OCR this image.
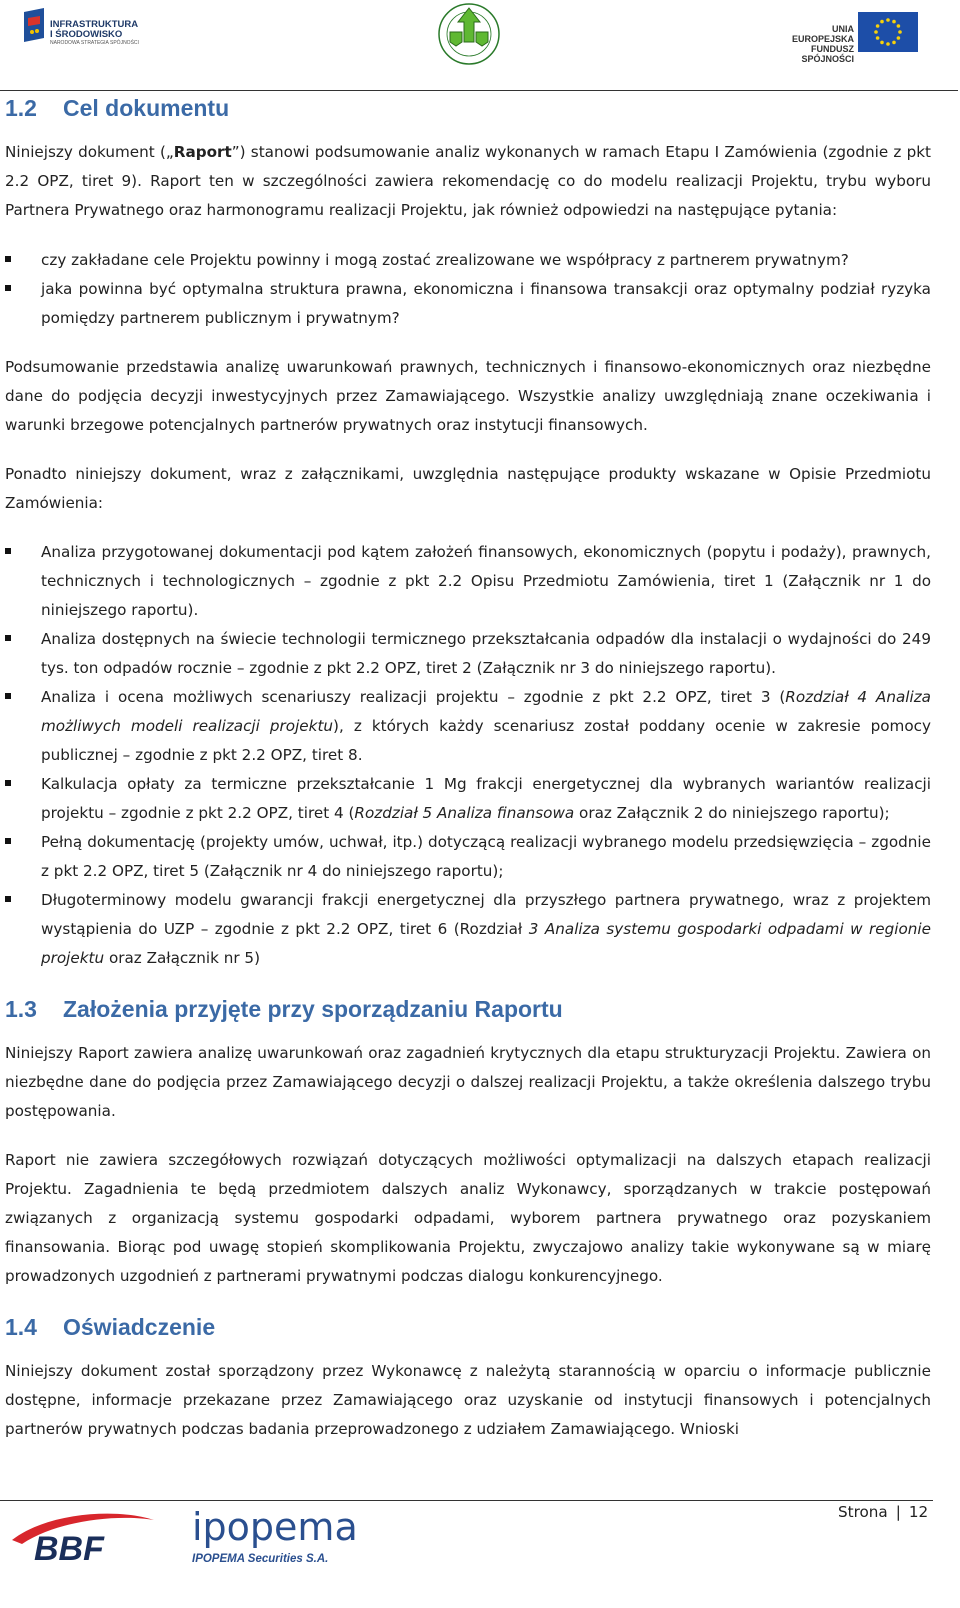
INFRASTRUKTURA
I ŚRODOWISKO
NARODOWA STRATEGIA SPÓJNOŚCI
UNIA EUROPEJSKA
FUNDUSZ SPÓJNOŚCI
1.2 Cel dokumentu

Niniejszy dokument („Raport”) stanowi podsumowanie analiz wykonanych w ramach Etapu I Zamówienia (zgodnie z pkt 2.2 OPZ, tiret 9). Raport ten w szczególności zawiera rekomendację co do modelu realizacji Projektu, trybu wyboru Partnera Prywatnego oraz harmonogramu realizacji Projektu, jak również odpowiedzi na następujące pytania:

czy zakładane cele Projektu powinny i mogą zostać zrealizowane we współpracy z partnerem prywatnym?
jaka powinna być optymalna struktura prawna, ekonomiczna i finansowa transakcji oraz optymalny podział ryzyka pomiędzy partnerem publicznym i prywatnym?

Podsumowanie przedstawia analizę uwarunkowań prawnych, technicznych i finansowo-ekonomicznych oraz niezbędne dane do podjęcia decyzji inwestycyjnych przez Zamawiającego. Wszystkie analizy uwzględniają znane oczekiwania i warunki brzegowe potencjalnych partnerów prywatnych oraz instytucji finansowych.

Ponadto niniejszy dokument, wraz z załącznikami, uwzględnia następujące produkty wskazane w Opisie Przedmiotu Zamówienia:

Analiza przygotowanej dokumentacji pod kątem założeń finansowych, ekonomicznych (popytu i podaży), prawnych, technicznych i technologicznych – zgodnie z pkt 2.2 Opisu Przedmiotu Zamówienia, tiret 1 (Załącznik nr 1 do niniejszego raportu).
Analiza dostępnych na świecie technologii termicznego przekształcania odpadów dla instalacji o wydajności do 249 tys. ton odpadów rocznie – zgodnie z pkt 2.2 OPZ, tiret 2 (Załącznik nr 3 do niniejszego raportu).
Analiza i ocena możliwych scenariuszy realizacji projektu – zgodnie z pkt 2.2 OPZ, tiret 3 (Rozdział 4 Analiza możliwych modeli realizacji projektu), z których każdy scenariusz został poddany ocenie w zakresie pomocy publicznej – zgodnie z pkt 2.2 OPZ, tiret 8.
Kalkulacja opłaty za termiczne przekształcanie 1 Mg frakcji energetycznej dla wybranych wariantów realizacji projektu – zgodnie z pkt 2.2 OPZ, tiret 4 (Rozdział 5 Analiza finansowa oraz Załącznik 2 do niniejszego raportu);
Pełną dokumentację (projekty umów, uchwał, itp.) dotyczącą realizacji wybranego modelu przedsięwzięcia – zgodnie z pkt 2.2 OPZ, tiret 5 (Załącznik nr 4 do niniejszego raportu);
Długoterminowy modelu gwarancji frakcji energetycznej dla przyszłego partnera prywatnego, wraz z projektem wystąpienia do UZP – zgodnie z pkt 2.2 OPZ, tiret 6 (Rozdział 3 Analiza systemu gospodarki odpadami w regionie projektu oraz Załącznik nr 5)
1.3 Założenia przyjęte przy sporządzaniu Raportu

Niniejszy Raport zawiera analizę uwarunkowań oraz zagadnień krytycznych dla etapu strukturyzacji Projektu. Zawiera on niezbędne dane do podjęcia przez Zamawiającego decyzji o dalszej realizacji Projektu, a także określenia dalszego trybu postępowania.

Raport nie zawiera szczegółowych rozwiązań dotyczących możliwości optymalizacji na dalszych etapach realizacji Projektu. Zagadnienia te będą przedmiotem dalszych analiz Wykonawcy, sporządzanych w trakcie postępowań związanych z organizacją systemu gospodarki odpadami, wyborem partnera prywatnego oraz pozyskaniem finansowania. Biorąc pod uwagę stopień skomplikowania Projektu, zwyczajowo analizy takie wykonywane są w miarę prowadzonych uzgodnień z partnerami prywatnymi podczas dialogu konkurencyjnego.

1.4 Oświadczenie

Niniejszy dokument został sporządzony przez Wykonawcę z należytą starannością w oparciu o informacje publicznie dostępne, informacje przekazane przez Zamawiającego oraz uzyskanie od instytucji finansowych i potencjalnych partnerów prywatnych podczas badania przeprowadzonego z udziałem Zamawiającego. Wnioski

Strona | 12
BBF ipopema
IPOPEMA Securities S.A.
